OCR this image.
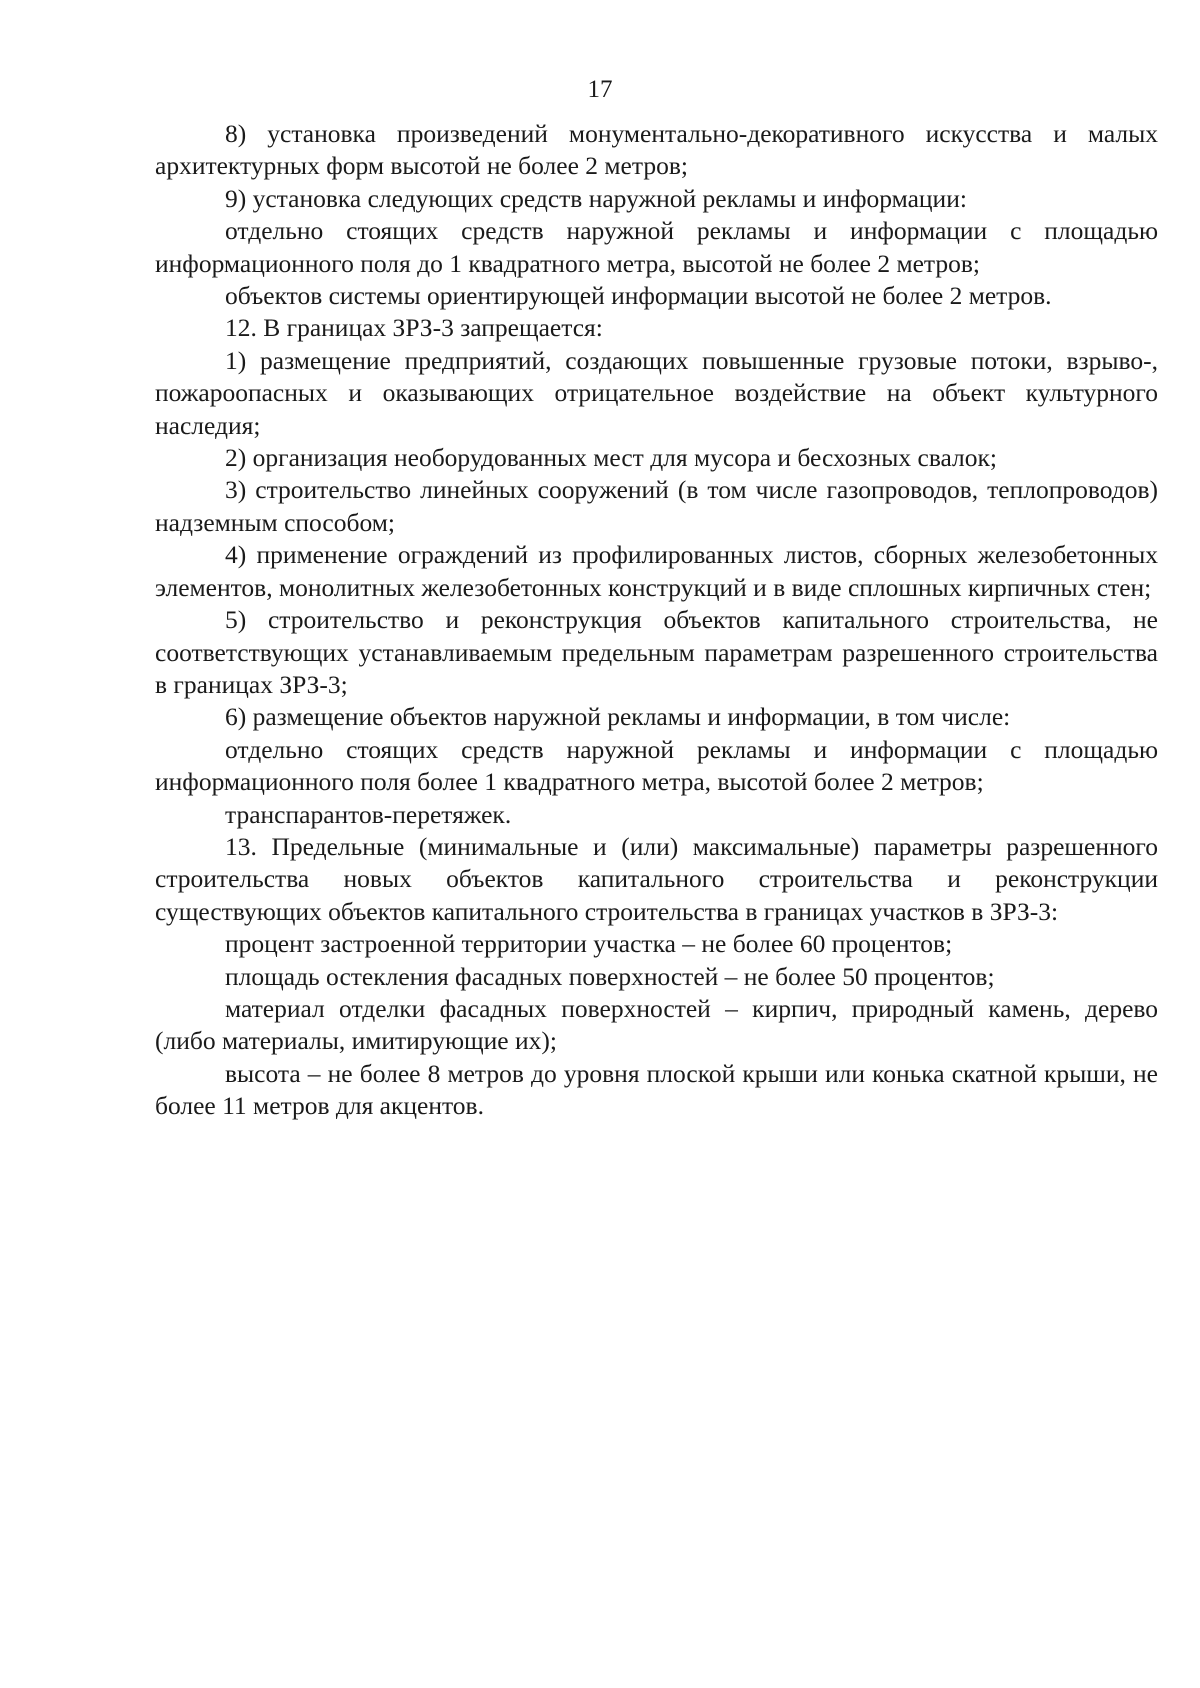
17

8) установка произведений монументально-декоративного искусства и малых архитектурных форм высотой не более 2 метров;

9) установка следующих средств наружной рекламы и информации:

отдельно стоящих средств наружной рекламы и информации с площадью информационного поля до 1 квадратного метра, высотой не более 2 метров;

объектов системы ориентирующей информации высотой не более 2 метров.

12. В границах ЗРЗ-3 запрещается:

1) размещение предприятий, создающих повышенные грузовые потоки, взрыво-, пожароопасных и оказывающих отрицательное воздействие на объект культурного наследия;

2) организация необорудованных мест для мусора и бесхозных свалок;

3) строительство линейных сооружений (в том числе газопроводов, теплопроводов) надземным способом;

4) применение ограждений из профилированных листов, сборных железобетонных элементов, монолитных железобетонных конструкций и в виде сплошных кирпичных стен;

5) строительство и реконструкция объектов капитального строительства, не соответствующих устанавливаемым предельным параметрам разрешенного строительства в границах ЗРЗ-3;

6) размещение объектов наружной рекламы и информации, в том числе:

отдельно стоящих средств наружной рекламы и информации с площадью информационного поля более 1 квадратного метра, высотой более 2 метров;

транспарантов-перетяжек.

13. Предельные (минимальные и (или) максимальные) параметры разрешенного строительства новых объектов капитального строительства и реконструкции существующих объектов капитального строительства в границах участков в ЗРЗ-3:

процент застроенной территории участка – не более 60 процентов;

площадь остекления фасадных поверхностей – не более 50 процентов;

материал отделки фасадных поверхностей – кирпич, природный камень, дерево (либо материалы, имитирующие их);

высота – не более 8 метров до уровня плоской крыши или конька скатной крыши, не более 11 метров для акцентов.
